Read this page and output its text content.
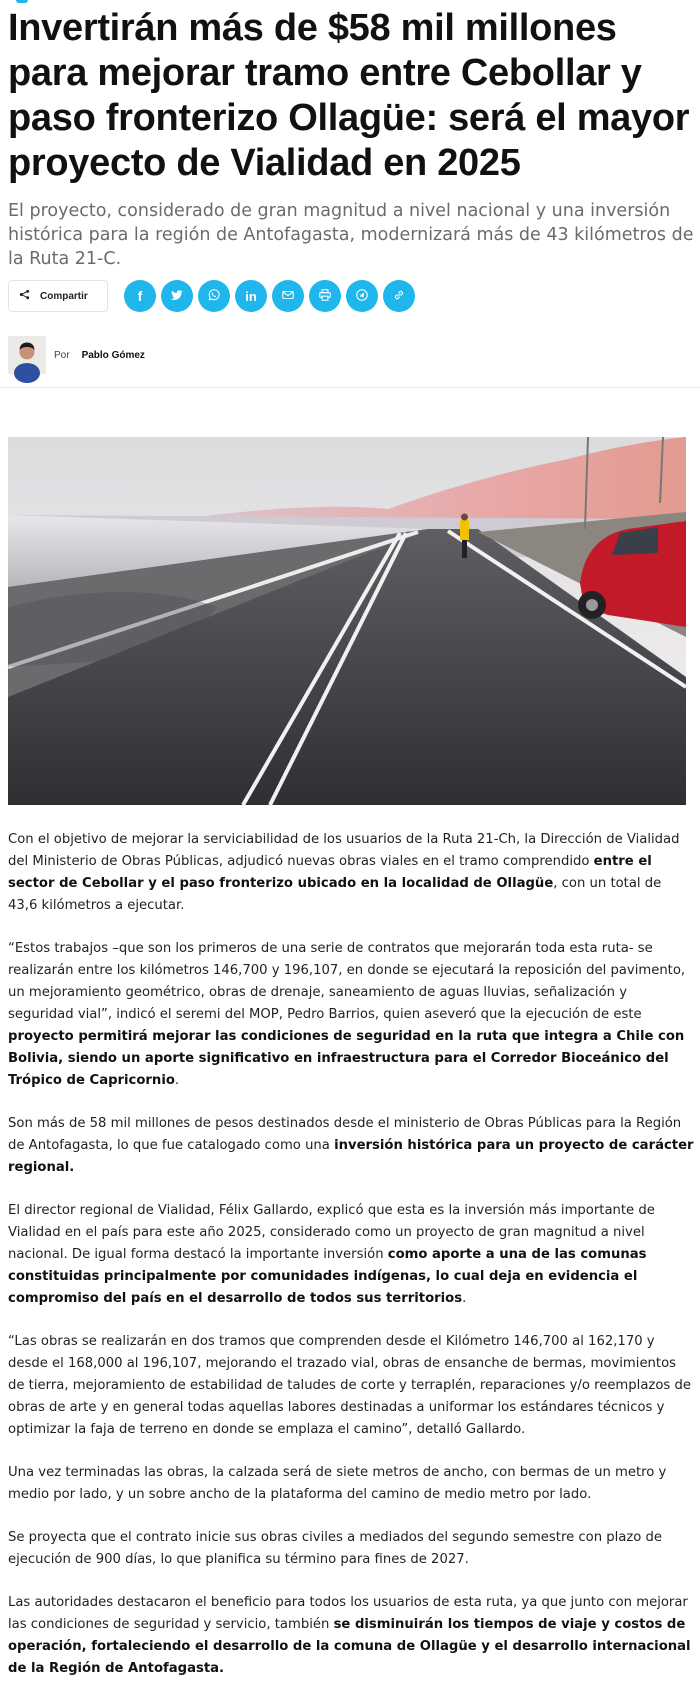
Invertirán más de $58 mil millones para mejorar tramo entre Cebollar y paso fronterizo Ollagüe: será el mayor proyecto de Vialidad en 2025

El proyecto, considerado de gran magnitud a nivel nacional y una inversión histórica para la región de Antofagasta, modernizará más de 43 kilómetros de la Ruta 21-C.

Compartir	f	in
Por Pablo Gómez

Con el objetivo de mejorar la serviciabilidad de los usuarios de la Ruta 21-Ch, la Dirección de Vialidad del Ministerio de Obras Públicas, adjudicó nuevas obras viales en el tramo comprendido entre el sector de Cebollar y el paso fronterizo ubicado en la localidad de Ollagüe, con un total de 43,6 kilómetros a ejecutar.

“Estos trabajos –que son los primeros de una serie de contratos que mejorarán toda esta ruta- se realizarán entre los kilómetros 146,700 y 196,107, en donde se ejecutará la reposición del pavimento, un mejoramiento geométrico, obras de drenaje, saneamiento de aguas lluvias, señalización y seguridad vial”, indicó el seremi del MOP, Pedro Barrios, quien aseveró que la ejecución de este proyecto permitirá mejorar las condiciones de seguridad en la ruta que integra a Chile con Bolivia, siendo un aporte significativo en infraestructura para el Corredor Bioceánico del Trópico de Capricornio.

Son más de 58 mil millones de pesos destinados desde el ministerio de Obras Públicas para la Región de Antofagasta, lo que fue catalogado como una inversión histórica para un proyecto de carácter regional.

El director regional de Vialidad, Félix Gallardo, explicó que esta es la inversión más importante de Vialidad en el país para este año 2025, considerado como un proyecto de gran magnitud a nivel nacional. De igual forma destacó la importante inversión como aporte a una de las comunas constituidas principalmente por comunidades indígenas, lo cual deja en evidencia el compromiso del país en el desarrollo de todos sus territorios.

“Las obras se realizarán en dos tramos que comprenden desde el Kilómetro 146,700 al 162,170 y desde el 168,000 al 196,107, mejorando el trazado vial, obras de ensanche de bermas, movimientos de tierra, mejoramiento de estabilidad de taludes de corte y terraplén, reparaciones y/o reemplazos de obras de arte y en general todas aquellas labores destinadas a uniformar los estándares técnicos y optimizar la faja de terreno en donde se emplaza el camino”, detalló Gallardo.

Una vez terminadas las obras, la calzada será de siete metros de ancho, con bermas de un metro y medio por lado, y un sobre ancho de la plataforma del camino de medio metro por lado.

Se proyecta que el contrato inicie sus obras civiles a mediados del segundo semestre con plazo de ejecución de 900 días, lo que planifica su término para fines de 2027.

Las autoridades destacaron el beneficio para todos los usuarios de esta ruta, ya que junto con mejorar las condiciones de seguridad y servicio, también se disminuirán los tiempos de viaje y costos de operación, fortaleciendo el desarrollo de la comuna de Ollagüe y el desarrollo internacional de la Región de Antofagasta.
